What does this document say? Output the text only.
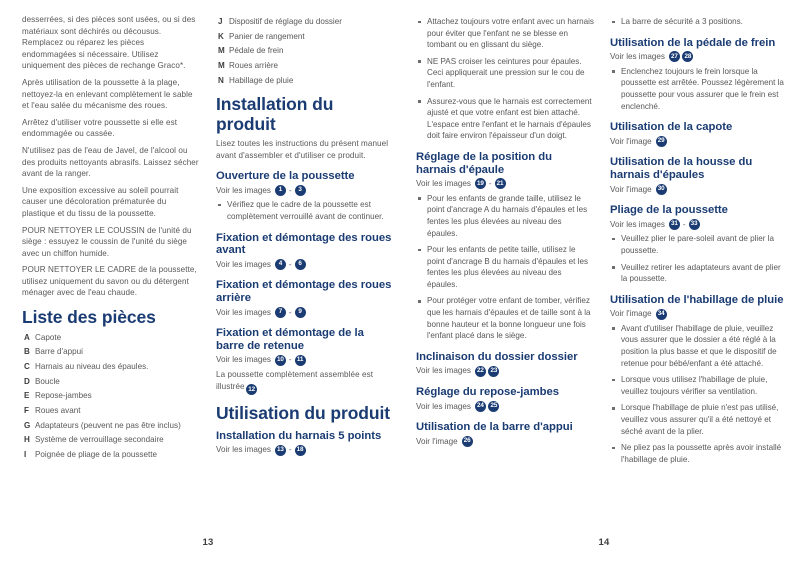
desserrées, si des pièces sont usées, ou si des matériaux sont déchirés ou décousus. Remplacez ou réparez les pièces endommagées si nécessaire. Utilisez uniquement des pièces de rechange Graco*.

Après utilisation de la poussette à la plage, nettoyez-la en enlevant complètement le sable et l'eau salée du mécanisme des roues.

Arrêtez d'utiliser votre poussette si elle est endommagée ou cassée.

N'utilisez pas de l'eau de Javel, de l'alcool ou des produits nettoyants abrasifs. Laissez sécher avant de la ranger.

Une exposition excessive au soleil pourrait causer une décoloration prématurée du plastique et du tissu de la poussette.

POUR NETTOYER LE COUSSIN de l'unité du siège : essuyez le coussin de l'unité du siège avec un chiffon humide.

POUR NETTOYER LE CADRE de la poussette, utilisez uniquement du savon ou du détergent ménager avec de l'eau chaude.

Liste des pièces
A Capote
B Barre d'appui
C Harnais au niveau des épaules.
D Boucle
E Repose-jambes
F Roues avant
G Adaptateurs (peuvent ne pas être inclus)
H Système de verrouillage secondaire
I	Poignée de pliage de la poussette
J Dispositif de réglage du dossier
K Panier de rangement
M Pédale de frein
M Roues arrière
N Habillage de pluie
Installation du produit

Lisez toutes les instructions du présent manuel avant d'assembler et d'utiliser ce produit.

Ouverture de la poussette
Voir les images	1 -	3
Vérifiez que le cadre de la poussette est complètement verrouillé avant de continuer.
Fixation et démontage des roues avant
Voir les images	4 -	6
Fixation et démontage des roues arrière
Voir les images	7 -	9
Fixation et démontage de la barre de retenue
Voir les images 10 - 11

La poussette complètement assemblée est illustrée 12

Utilisation du produit
Installation du harnais 5 points
Voir les images 13 - 18
Attachez toujours votre enfant avec un harnais pour éviter que l'enfant ne se blesse en tombant ou en glissant du siège.
NE PAS croiser les ceintures pour épaules. Ceci appliquerait une pression sur le cou de l'enfant.
Assurez-vous que le harnais est correctement ajusté et que votre enfant est bien attaché. L'espace entre l'enfant et le harnais d'épaules doit faire environ l'épaisseur d'un doigt.
Réglage de la position du harnais d'épaule
Voir les images 19 - 21
Pour les enfants de grande taille, utilisez le point d'ancrage A du harnais d'épaules et les fentes les plus élevées au niveau des épaules.
Pour les enfants de petite taille, utilisez le point d'ancrage B du harnais d'épaules et les fentes les plus élevées au niveau des épaules.
Pour protéger votre enfant de tomber, vérifiez que les harnais d'épaules et de taille sont à la bonne hauteur et la bonne longueur une fois l'enfant placé dans le siège.
Inclinaison du dossier dossier
Voir les images 22	23
Réglage du repose-jambes
Voir les images 24	25
Utilisation de la barre d'appui
Voir l'image 26
La barre de sécurité a 3 positions.
Utilisation de la pédale de frein
Voir les images 27	28
Enclenchez toujours le frein lorsque la poussette est arrêtée. Poussez légèrement la poussette pour vous assurer que le frein est enclenché.
Utilisation de la capote
Voir l'image 29
Utilisation de la housse du harnais d'épaules
Voir l'image 30
Pliage de la poussette
Voir les images 31 - 33
Veuillez plier le pare-soleil avant de plier la poussette.
Veuillez retirer les adaptateurs avant de plier la poussette.
Utilisation de l'habillage de pluie
Voir l'image 34
Avant d'utiliser l'habillage de pluie, veuillez vous assurer que le dossier a été réglé à la position la plus basse et que le dispositif de retenue pour bébé/enfant a été attaché.
Lorsque vous utilisez l'habillage de pluie, veuillez toujours vérifier sa ventilation.
Lorsque l'habillage de pluie n'est pas utilisé, veuillez vous assurer qu'il a été nettoyé et séché avant de la plier.
Ne pliez pas la poussette après avoir installé l'habillage de pluie.
13	14
